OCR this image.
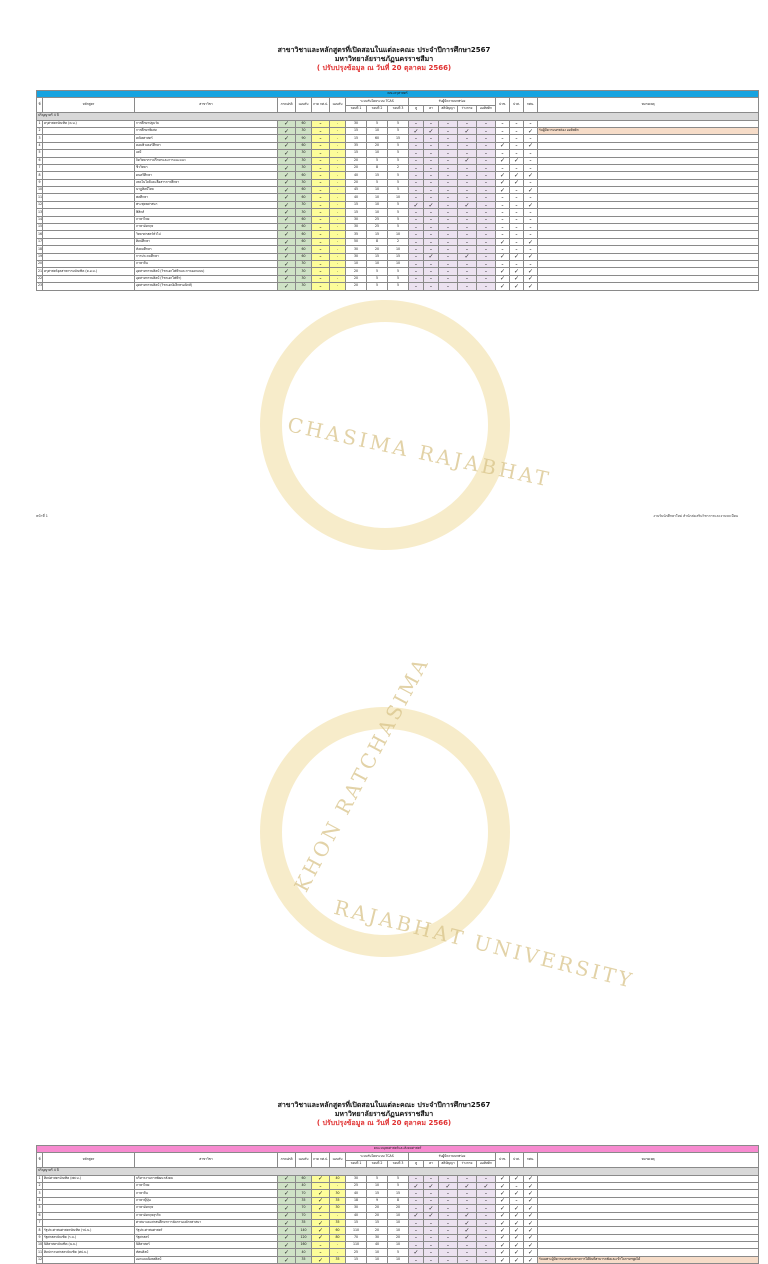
CHASIMA RAJABHAT
สาขาวิชาและหลักสูตรที่เปิดสอนในแต่ละคณะ ประจำปีการศึกษา2567
มหาวิทยาลัยราชภัฏนครราชสีมา
( ปรับปรุงข้อมูล ณ วันที่ 20 ตุลาคม 2566)
คณะครุศาสตร์																		
ที่	หลักสูตร	สาขาวิชา	ภาคปกติ	แผนรับ	ภาค กศ.ป.	แผนรับ	ระบบรับโดยระบบ TCAS			รับผู้มีความบกพร่อง					ปวช.	ปวส.	กศน.	หมายเหตุ
							รอบที่ 1	รอบที่ 2	รอบที่ 3	หู	ตา	สติปัญญา	ร่างกาย	ออทิสติก				
ปริญญาตรี 4 ปี																		
1	ครุศาสตรบัณฑิต (ค.บ.)	การศึกษาปฐมวัย	✓	60	-	-	30	5	5	-	-	-	-	-	-	-	-	
2		การศึกษาพิเศษ	✓	30	-	-	15	10	5	✓	✓	-	✓	-	-	-	✓	รับผู้มีความบกพร่อง ออทิสติก
3		คณิตศาสตร์	✓	90	-	-	15	60	15	-	-	-	-	-	-	-	-	
4		คอมพิวเตอร์ศึกษา	✓	60	-	-	35	20	5	-	-	-	-	-	✓	-	✓	
5		เคมี	✓	30	-	-	15	10	5	-	-	-	-	-	-	-	-	
6		จิตวิทยาการปรึกษาและการแนะแนว	✓	30	-	-	20	5	5	-	-	-	✓	-	✓	✓	-	
7		ชีววิทยา	✓	30	-	-	20	8	2	-	-	-	-	-	-	-	-	
8		ดนตรีศึกษา	✓	60	-	-	40	15	5	-	-	-	-	-	✓	✓	✓	
9		เทคโนโลยีและสื่อสารการศึกษา	✓	30	-	-	20	5	5	-	-	-	-	-	✓	✓	-	
10		นาฏศิลป์ไทย	✓	60	-	-	45	10	5	-	-	-	-	-	✓	-	✓	
11		พลศึกษา	✓	60	-	-	40	10	10	-	-	-	-	-	-	-	-	
12		พระพุทธศาสนา	✓	30	-	-	15	10	5	✓	✓	-	✓	-	-	-	✓	
13		ฟิสิกส์	✓	30	-	-	15	10	5	-	-	-	-	-	-	-	-	
14		ภาษาไทย	✓	60	-	-	30	25	5	-	-	-	-	-	-	-	-	
15		ภาษาอังกฤษ	✓	60	-	-	30	25	5	-	-	-	-	-	-	-	-	
16		วิทยาศาสตร์ทั่วไป	✓	60	-	-	35	15	10	-	-	-	-	-	-	-	-	
17		ศิลปศึกษา	✓	60	-	-	50	8	2	-	-	-	-	-	✓	-	✓	
18		สังคมศึกษา	✓	60	-	-	30	20	10	-	-	-	-	-	-	-	-	
19		การประถมศึกษา	✓	60	-	-	30	15	15	-	✓	-	✓	-	✓	✓	✓	
20		ภาษาจีน	✓	30	-	-	10	10	10	-	-	-	-	-	-	-	-	
21	ครุศาสตร์อุตสาหกรรมบัณฑิต (ค.อ.บ.)	อุตสาหกรรมศิลป์ (วิชาเอกไฟฟ้าและการออกแบบ)	✓	30	-	-	20	5	5	-	-	-	-	-	✓	✓	✓	
22		อุตสาหกรรมศิลป์ (วิชาเอกไฟฟ้า)	✓	30	-	-	20	5	5	-	-	-	-	-	✓	✓	✓	
23		อุตสาหกรรมศิลป์ (วิชาเอกอิเล็กทรอนิกส์)	✓	30	-	-	20	5	5	-	-	-	-	-	✓	✓	✓	
หน้าที่ 1	งานรับนักศึกษาใหม่ สำนักส่งเสริมวิชาการและงานทะเบียน
KHON RATCHASIMA
RAJABHAT UNIVERSITY
สาขาวิชาและหลักสูตรที่เปิดสอนในแต่ละคณะ ประจำปีการศึกษา2567
มหาวิทยาลัยราชภัฏนครราชสีมา
( ปรับปรุงข้อมูล ณ วันที่ 20 ตุลาคม 2566)
คณะมนุษยศาสตร์และสังคมศาสตร์																		
ที่	หลักสูตร	สาขาวิชา	ภาคปกติ	แผนรับ	ภาค กศ.ป.	แผนรับ	ระบบรับโดยระบบ TCAS			รับผู้มีความบกพร่อง					ปวช.	ปวส.	กศน.	หมายเหตุ
							รอบที่ 1	รอบที่ 2	รอบที่ 3	หู	ตา	สติปัญญา	ร่างกาย	ออทิสติก				
ปริญญาตรี 4 ปี																		
1	ศิลปศาสตรบัณฑิต (ศศ.บ.)	บริหารงานการพัฒนาสังคม	✓	60	✓	40	30	5	5	-	-	-	-	-	✓	✓	✓	
2		ภาษาไทย	✓	40	-	-	25	10	5	✓	✓	✓	✓	✓	✓	-	✓	
3		ภาษาจีน	✓	70	✓	30	40	15	15	-	-	-	-	-	✓	✓	✓	
4		ภาษาญี่ปุ่น	✓	35	✓	35	18	9	8	-	-	-	-	-	✓	-	✓	
5		ภาษาอังกฤษ	✓	70	✓	30	30	20	20	-	✓	-	-	-	✓	✓	✓	
6		ภาษาอังกฤษธุรกิจ	✓	70	-	-	40	20	10	✓	✓	-	✓	-	✓	✓	✓	
7		ศาสนาและศาสนศึกษาการจัดการองค์กรศาสนา	✓	35	✓	35	15	15	10	-	-	-	✓	-	✓	✓	✓	
8	รัฐประศาสนศาสตรบัณฑิต (รป.บ.)	รัฐประศาสนศาสตร์	✓	140	✓	60	110	20	10	-	-	-	✓	-	✓	✓	✓	
9	รัฐศาสตรบัณฑิต (ร.บ.)	รัฐศาสตร์	✓	120	✓	80	70	30	20	-	-	-	✓	-	✓	✓	✓	
10	นิติศาสตรบัณฑิต (น.บ.)	นิติศาสตร์	✓	160	-	-	110	40	10	-	-	-	-	-	✓	✓	✓	
11	ศิลปกรรมศาสตรบัณฑิต (ศป.บ.)	ทัศนศิลป์	✓	40	-	-	25	10	5	✓	-	-	-	-	✓	✓	✓	
12		ออกแบบนิเทศศิลป์	✓	35	✓	35	15	10	10	-	-	-	-	-	✓	✓	✓	รับเฉพาะผู้มีความบกพร่องทางการได้ยินที่สามารถฟังและเข้าใจภาษาพูดได้
